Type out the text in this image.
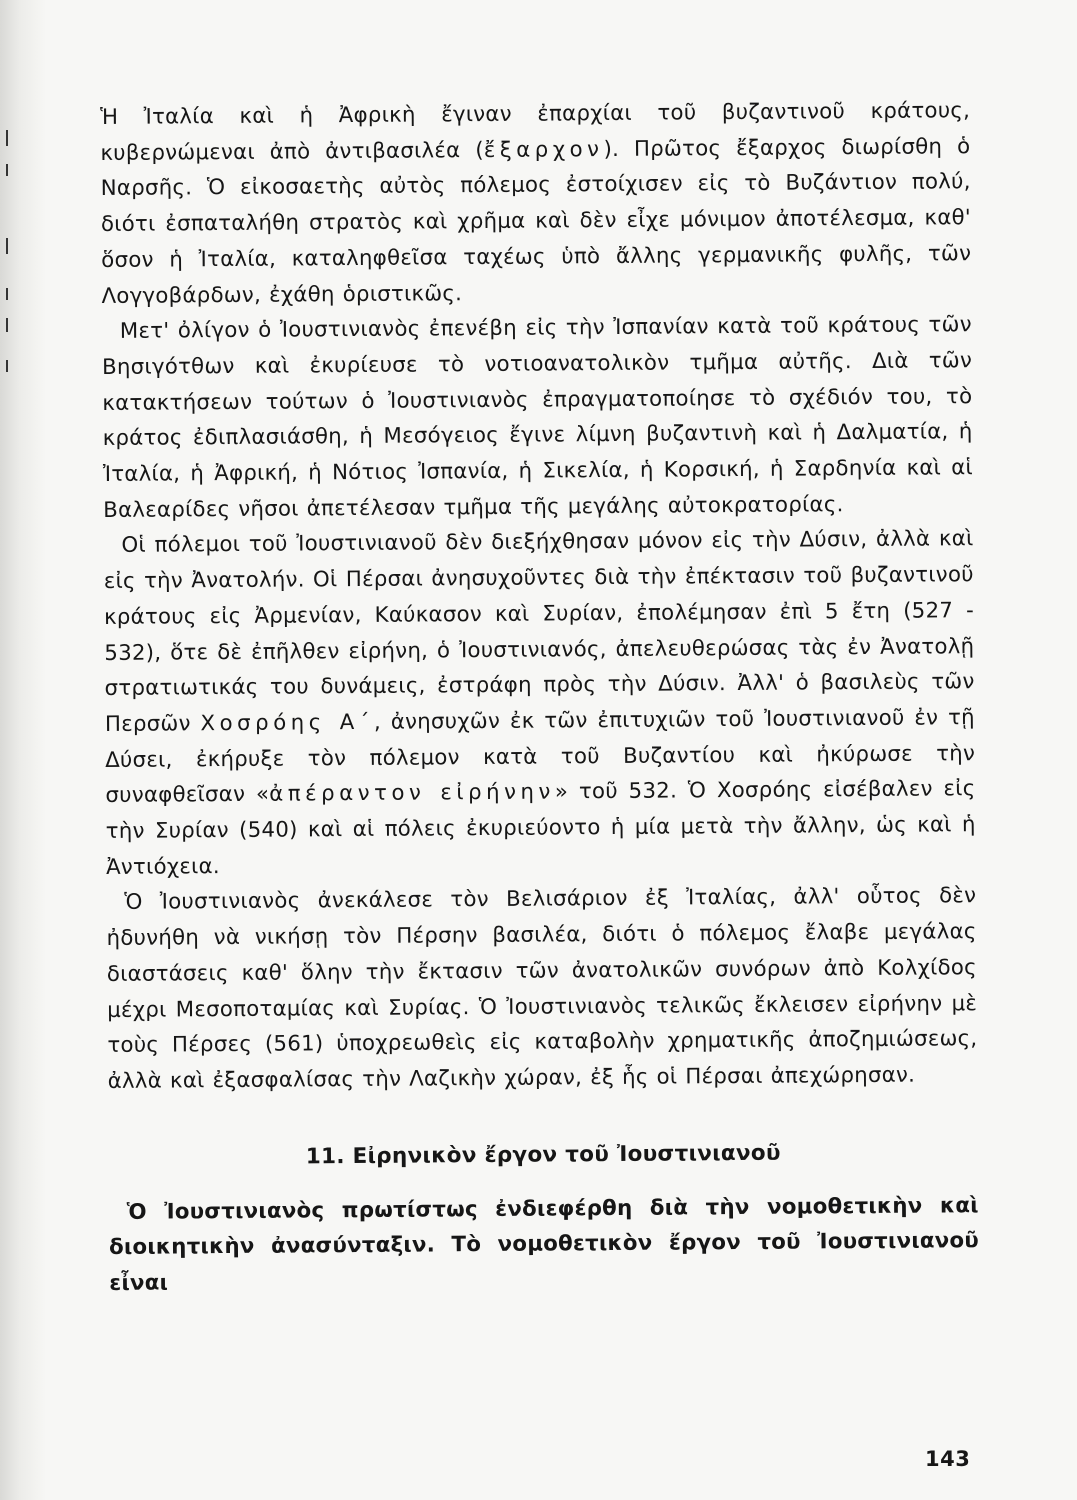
Ἡ Ἰταλία καὶ ἡ Ἀφρικὴ ἔγιναν ἐπαρχίαι τοῦ βυζαντινοῦ κράτους, κυβερνώμεναι ἀπὸ ἀντιβασιλέα (ἔξαρχον). Πρῶτος ἔξαρχος διωρίσθη ὁ Ναρσῆς. Ὁ εἰκοσαετὴς αὐτὸς πόλεμος ἐστοίχισεν εἰς τὸ Βυζάντιον πολύ, διότι ἐσπαταλήθη στρατὸς καὶ χρῆμα καὶ δὲν εἶχε μόνιμον ἀποτέλεσμα, καθ' ὅσον ἡ Ἰταλία, καταληφθεῖσα ταχέως ὑπὸ ἄλλης γερμανικῆς φυλῆς, τῶν Λογγοβάρδων, ἐχάθη ὁριστικῶς.

Μετ' ὀλίγον ὁ Ἰουστινιανὸς ἐπενέβη εἰς τὴν Ἰσπανίαν κατὰ τοῦ κράτους τῶν Βησιγότθων καὶ ἐκυρίευσε τὸ νοτιοανατολικὸν τμῆμα αὐτῆς. Διὰ τῶν κατακτήσεων τούτων ὁ Ἰουστινιανὸς ἐπραγματοποίησε τὸ σχέδιόν του, τὸ κράτος ἐδιπλασιάσθη, ἡ Μεσόγειος ἔγινε λίμνη βυζαντινὴ καὶ ἡ Δαλματία, ἡ Ἰταλία, ἡ Ἀφρική, ἡ Νότιος Ἰσπανία, ἡ Σικελία, ἡ Κορσική, ἡ Σαρδηνία καὶ αἱ Βαλεαρίδες νῆσοι ἀπετέλεσαν τμῆμα τῆς μεγάλης αὐτοκρατορίας.

Οἱ πόλεμοι τοῦ Ἰουστινιανοῦ δὲν διεξήχθησαν μόνον εἰς τὴν Δύσιν, ἀλλὰ καὶ εἰς τὴν Ἀνατολήν. Οἱ Πέρσαι ἀνησυχοῦντες διὰ τὴν ἐπέκτασιν τοῦ βυζαντινοῦ κράτους εἰς Ἀρμενίαν, Καύκασον καὶ Συρίαν, ἐπολέμησαν ἐπὶ 5 ἔτη (527 - 532), ὅτε δὲ ἐπῆλθεν εἰρήνη, ὁ Ἰουστινιανός, ἀπελευθερώσας τὰς ἐν Ἀνατολῇ στρατιωτικάς του δυνάμεις, ἐστράφη πρὸς τὴν Δύσιν. Ἀλλ' ὁ βασιλεὺς τῶν Περσῶν Χοσρόης Α΄, ἀνησυχῶν ἐκ τῶν ἐπιτυχιῶν τοῦ Ἰουστινιανοῦ ἐν τῇ Δύσει, ἐκήρυξε τὸν πόλεμον κατὰ τοῦ Βυζαντίου καὶ ἠκύρωσε τὴν συναφθεῖσαν «ἀπέραντον εἰρήνην» τοῦ 532. Ὁ Χοσρόης εἰσέβαλεν εἰς τὴν Συρίαν (540) καὶ αἱ πόλεις ἐκυριεύοντο ἡ μία μετὰ τὴν ἄλλην, ὡς καὶ ἡ Ἀντιόχεια.

Ὁ Ἰουστινιανὸς ἀνεκάλεσε τὸν Βελισάριον ἐξ Ἰταλίας, ἀλλ' οὗτος δὲν ἠδυνήθη νὰ νικήσῃ τὸν Πέρσην βασιλέα, διότι ὁ πόλεμος ἔλαβε μεγάλας διαστάσεις καθ' ὅλην τὴν ἔκτασιν τῶν ἀνατολικῶν συνόρων ἀπὸ Κολχίδος μέχρι Μεσοποταμίας καὶ Συρίας. Ὁ Ἰουστινιανὸς τελικῶς ἔκλεισεν εἰρήνην μὲ τοὺς Πέρσες (561) ὑποχρεωθεὶς εἰς καταβολὴν χρηματικῆς ἀποζημιώσεως, ἀλλὰ καὶ ἐξασφαλίσας τὴν Λαζικὴν χώραν, ἐξ ἧς οἱ Πέρσαι ἀπεχώρησαν.

11. Εἰρηνικὸν ἔργον τοῦ Ἰουστινιανοῦ

Ὁ Ἰουστινιανὸς πρωτίστως ἐνδιεφέρθη διὰ τὴν νομοθετικὴν καὶ διοικητικὴν ἀνασύνταξιν. Τὸ νομοθετικὸν ἔργον τοῦ Ἰουστινιανοῦ εἶναι

143
